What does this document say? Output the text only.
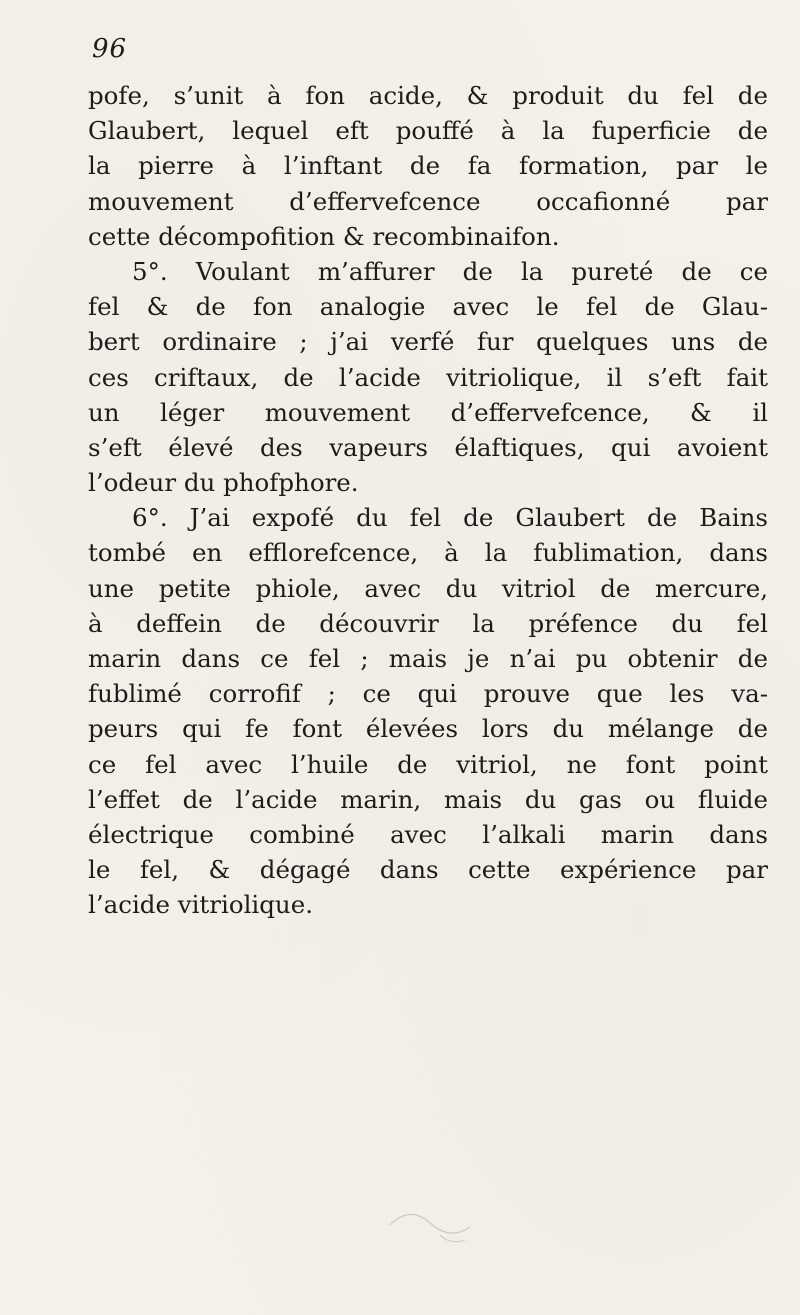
96
pofe, s’unit à fon acide, & produit du fel de
Glaubert, lequel eft pouffé à la fuperficie de
la pierre à l’inftant de fa formation, par le
mouvement d’effervefcence occafionné par
cette décompofition & recombinaifon.
5°. Voulant m’affurer de la pureté de ce
fel & de fon analogie avec le fel de Glau-
bert ordinaire ; j’ai verfé fur quelques uns de
ces criftaux, de l’acide vitriolique, il s’eft fait
un léger mouvement d’effervefcence, & il
s’eft élevé des vapeurs élaftiques, qui avoient
l’odeur du phofphore.
6°. J’ai expofé du fel de Glaubert de Bains
tombé en efflorefcence, à la fublimation, dans
une petite phiole, avec du vitriol de mercure,
à deffein de découvrir la préfence du fel
marin dans ce fel ; mais je n’ai pu obtenir de
fublimé corrofif ; ce qui prouve que les va-
peurs qui fe font élevées lors du mélange de
ce fel avec l’huile de vitriol, ne font point
l’effet de l’acide marin, mais du gas ou fluide
électrique combiné avec l’alkali marin dans
le fel, & dégagé dans cette expérience par
l’acide vitriolique.
